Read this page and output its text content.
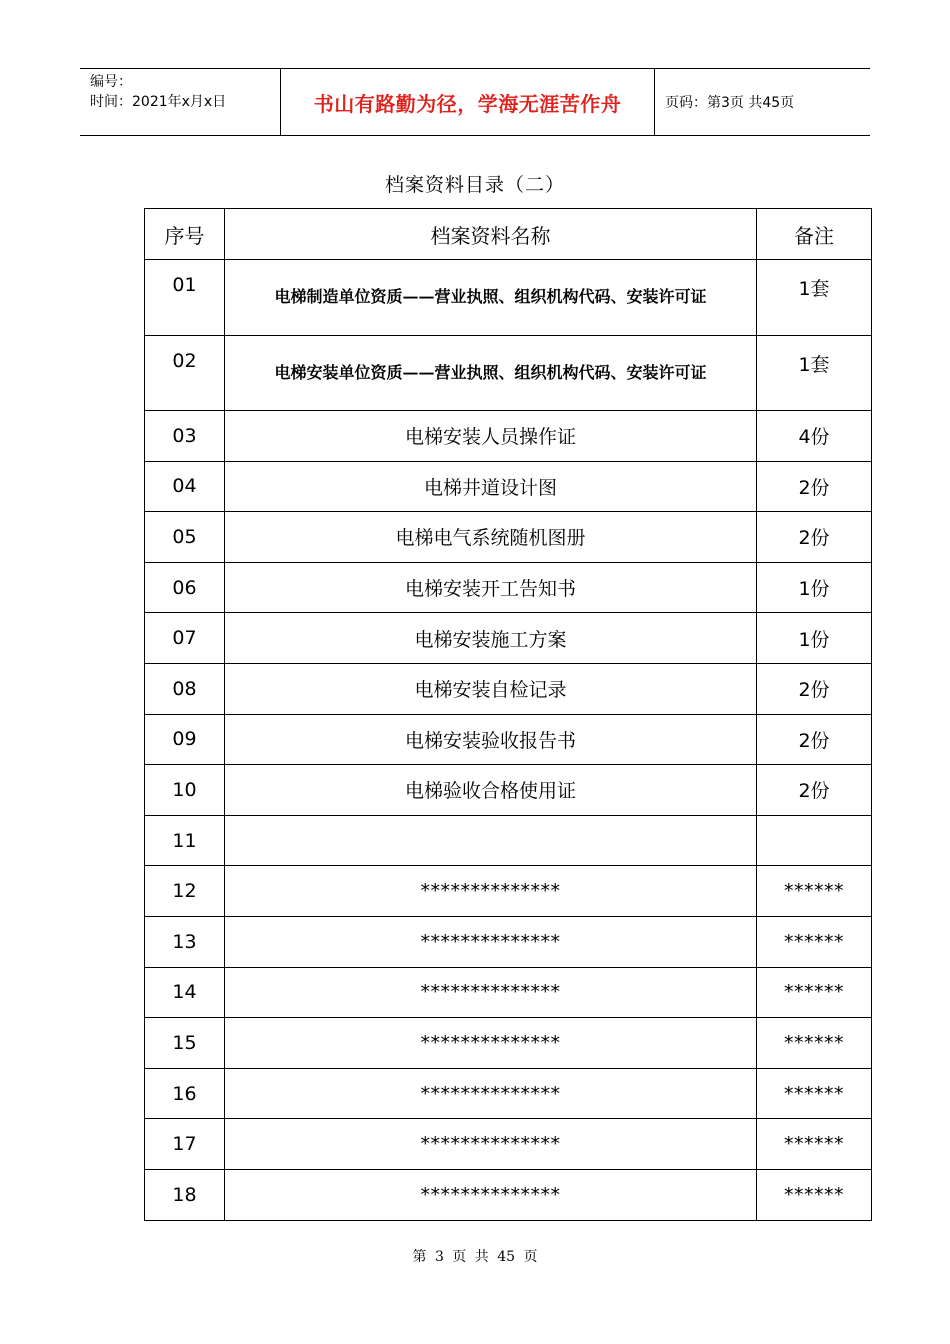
编号：
时间：2021年x月x日	书山有路勤为径，学海无涯苦作舟	页码：第3页 共45页
档案资料目录（二）
序号	档案资料名称	备注
01	电梯制造单位资质——营业执照、组织机构代码、安装许可证	1套
02	电梯安装单位资质——营业执照、组织机构代码、安装许可证	1套
03	电梯安装人员操作证	4份
04	电梯井道设计图	2份
05	电梯电气系统随机图册	2份
06	电梯安装开工告知书	1份
07	电梯安装施工方案	1份
08	电梯安装自检记录	2份
09	电梯安装验收报告书	2份
10	电梯验收合格使用证	2份
11		
12	**************	******
13	**************	******
14	**************	******
15	**************	******
16	**************	******
17	**************	******
18	**************	******
第 3 页 共 45 页
